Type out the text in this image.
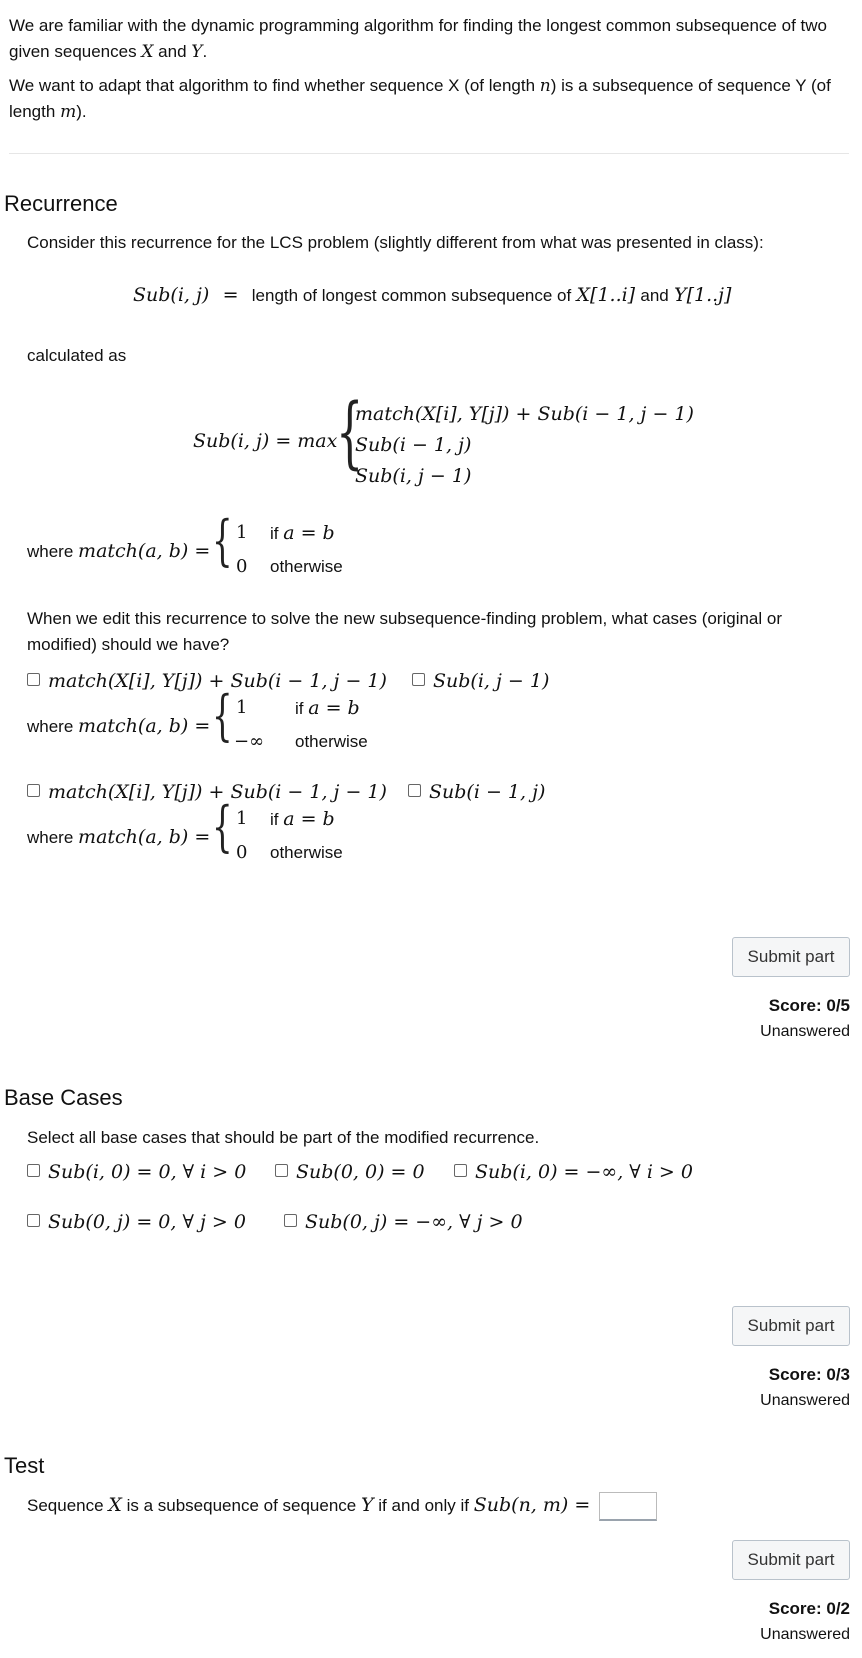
We are familiar with the dynamic programming algorithm for finding the longest common subsequence of two given sequences X and Y.
We want to adapt that algorithm to find whether sequence X (of length n) is a subsequence of sequence Y (of length m).
Recurrence
Consider this recurrence for the LCS problem (slightly different from what was presented in class):
Sub(i, j) = length of longest common subsequence of X[1..i] and Y[1..j]
calculated as
Sub(i, j) = max
{
match(X[i], Y[j]) + Sub(i − 1, j − 1)
Sub(i − 1, j)
Sub(i, j − 1)
where match(a, b) = { 1 if a = b
0 otherwise
When we edit this recurrence to solve the new subsequence-finding problem, what cases (original or modified) should we have?
match(X[i], Y[j]) + Sub(i − 1, j − 1)
where match(a, b) = { 1	if a = b
−∞ otherwise
Sub(i, j − 1)
match(X[i], Y[j]) + Sub(i − 1, j − 1)
where match(a, b) = { 1 if a = b
0 otherwise
Sub(i − 1, j)
Submit part
Score: 0/5
Unanswered
Base Cases
Select all base cases that should be part of the modified recurrence.
Sub(i, 0) = 0, ∀ i > 0	Sub(0, 0) = 0	Sub(i, 0) = −∞, ∀ i > 0
Sub(0, j) = 0, ∀ j > 0	Sub(0, j) = −∞, ∀ j > 0
Submit part
Score: 0/3
Unanswered
Test
Sequence X is a subsequence of sequence Y if and only if Sub(n, m) =
Submit part
Score: 0/2
Unanswered
